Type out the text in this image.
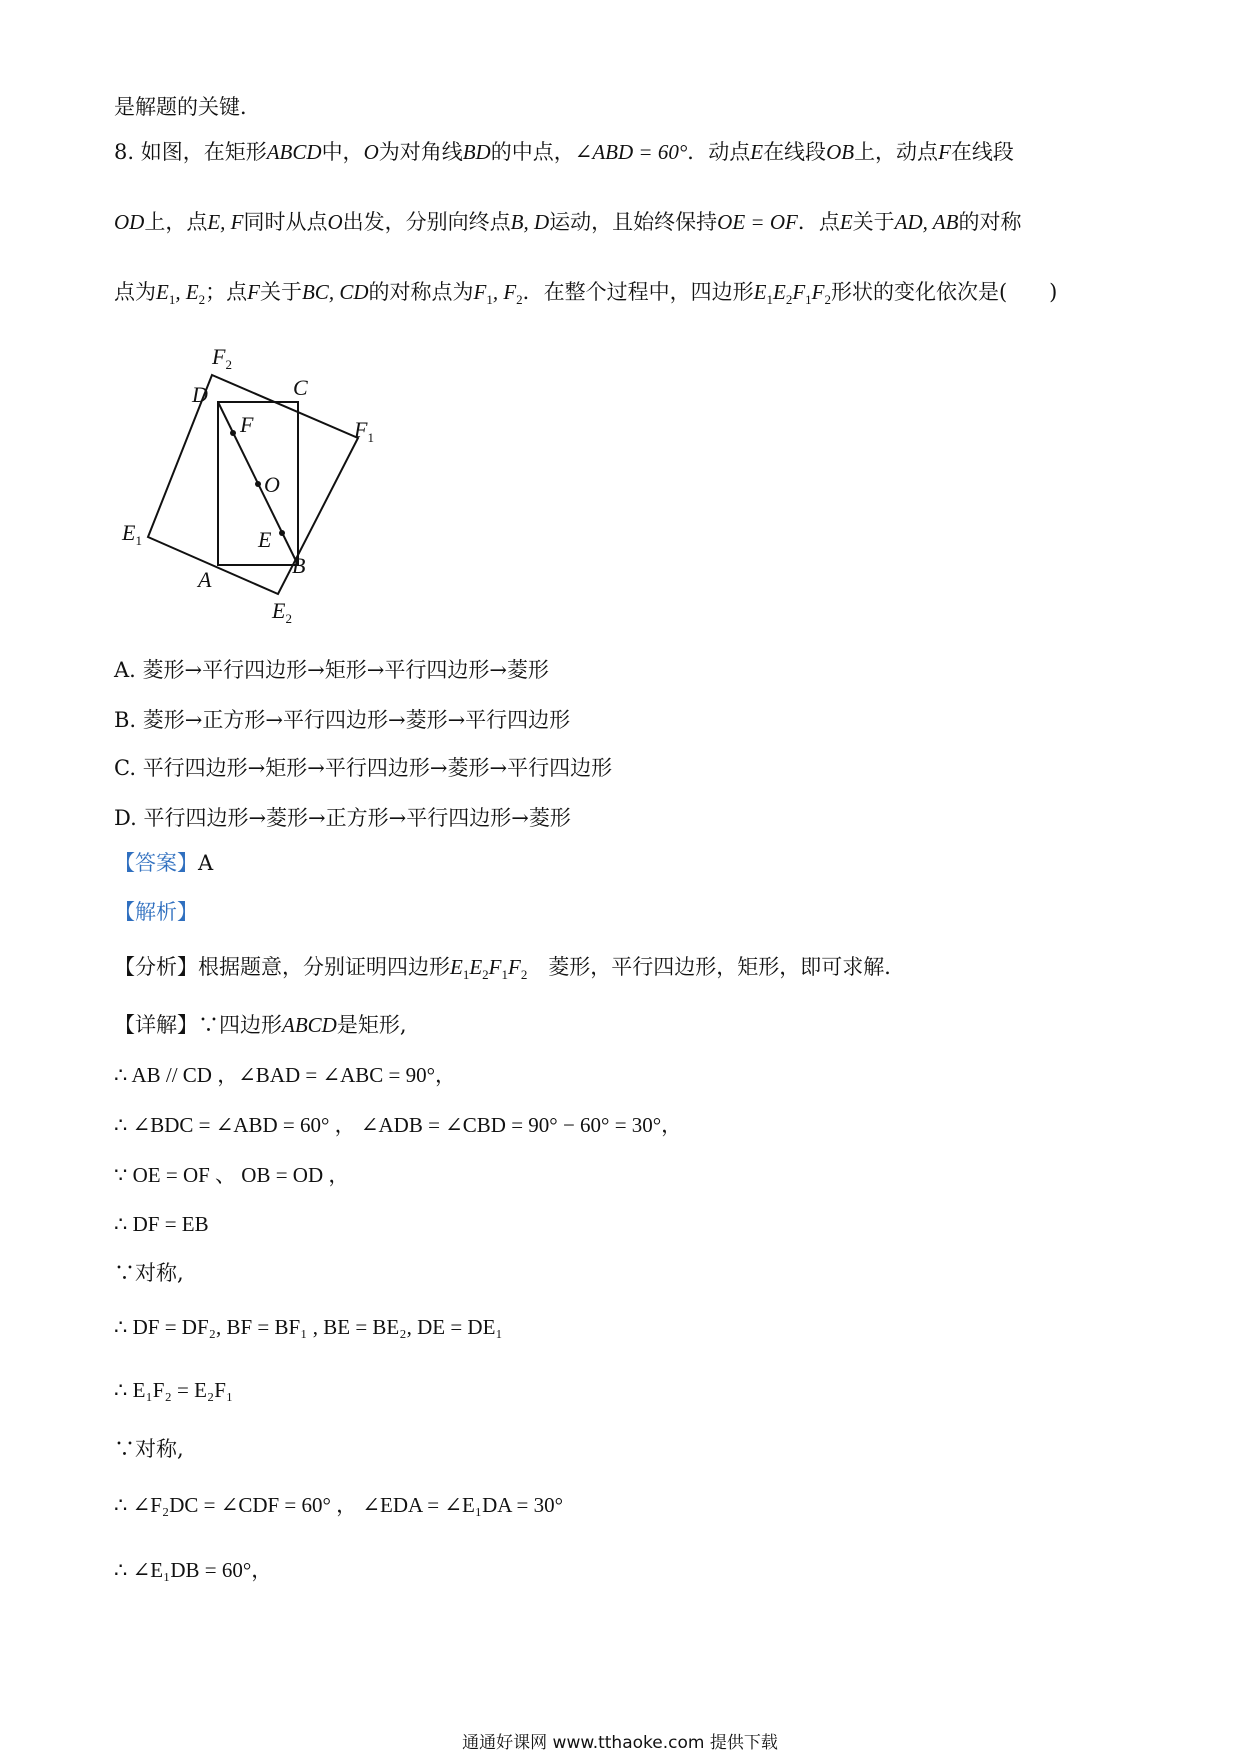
是解题的关键．
8. 如图，在矩形ABCD中，O为对角线BD的中点，∠ABD = 60°．动点E在线段OB上，动点F在线段
OD上，点E, F同时从点O出发，分别向终点B, D运动，且始终保持OE = OF．点E关于AD, AB的对称
点为$E_1$, $E_2$；点F关于BC, CD的对称点为$F_1$, $F_2$．在整个过程中，四边形$E_1E_2F_1F_2$形状的变化依次是(　　)
$F_2$
D	C
F	$F_1$
O
$E_1$	E
B
A
$E_2$
A. 菱形→平行四边形→矩形→平行四边形→菱形
B. 菱形→正方形→平行四边形→菱形→平行四边形
C. 平行四边形→矩形→平行四边形→菱形→平行四边形
D. 平行四边形→菱形→正方形→平行四边形→菱形
【答案】A
【解析】
【分析】根据题意，分别证明四边形$E_1E_2F_1F_2$　菱形，平行四边形，矩形，即可求解．
【详解】∵四边形ABCD是矩形,
∴ AB // CD ，∠BAD = ∠ABC = 90°，
∴ ∠BDC = ∠ABD = 60° ， ∠ADB = ∠CBD = 90° − 60° = 30°，
∵ OE = OF 、 OB = OD ，
∴ DF = EB
∵对称,
∴ DF = DF₂, BF = BF₁ , BE = BE₂, DE = DE₁
∴ E₁F₂ = E₂F₁
∵对称,
∴ ∠F₂DC = ∠CDF = 60° ， ∠EDA = ∠E₁DA = 30°
∴ ∠E₁DB = 60°，
通通好课网 www.tthaoke.com 提供下载
